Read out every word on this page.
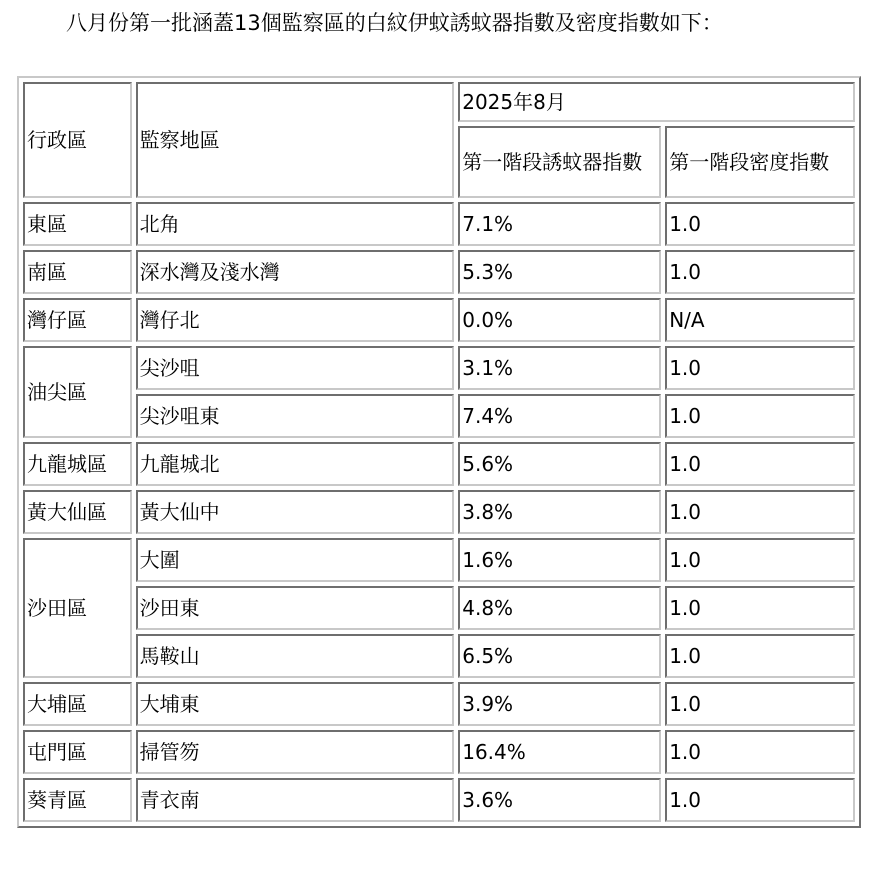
八月份第一批涵蓋13個監察區的白紋伊蚊誘蚊器指數及密度指數如下：
行政區	監察地區	2025年8月	
		第一階段誘蚊器指數	第一階段密度指數
東區	北角	7.1%	1.0
南區	深水灣及淺水灣	5.3%	1.0
灣仔區	灣仔北	0.0%	N/A
油尖區	尖沙咀	3.1%	1.0
	尖沙咀東	7.4%	1.0
九龍城區	九龍城北	5.6%	1.0
黃大仙區	黃大仙中	3.8%	1.0
沙田區	大圍	1.6%	1.0
	沙田東	4.8%	1.0
	馬鞍山	6.5%	1.0
大埔區	大埔東	3.9%	1.0
屯門區	掃管笏	16.4%	1.0
葵青區	青衣南	3.6%	1.0
